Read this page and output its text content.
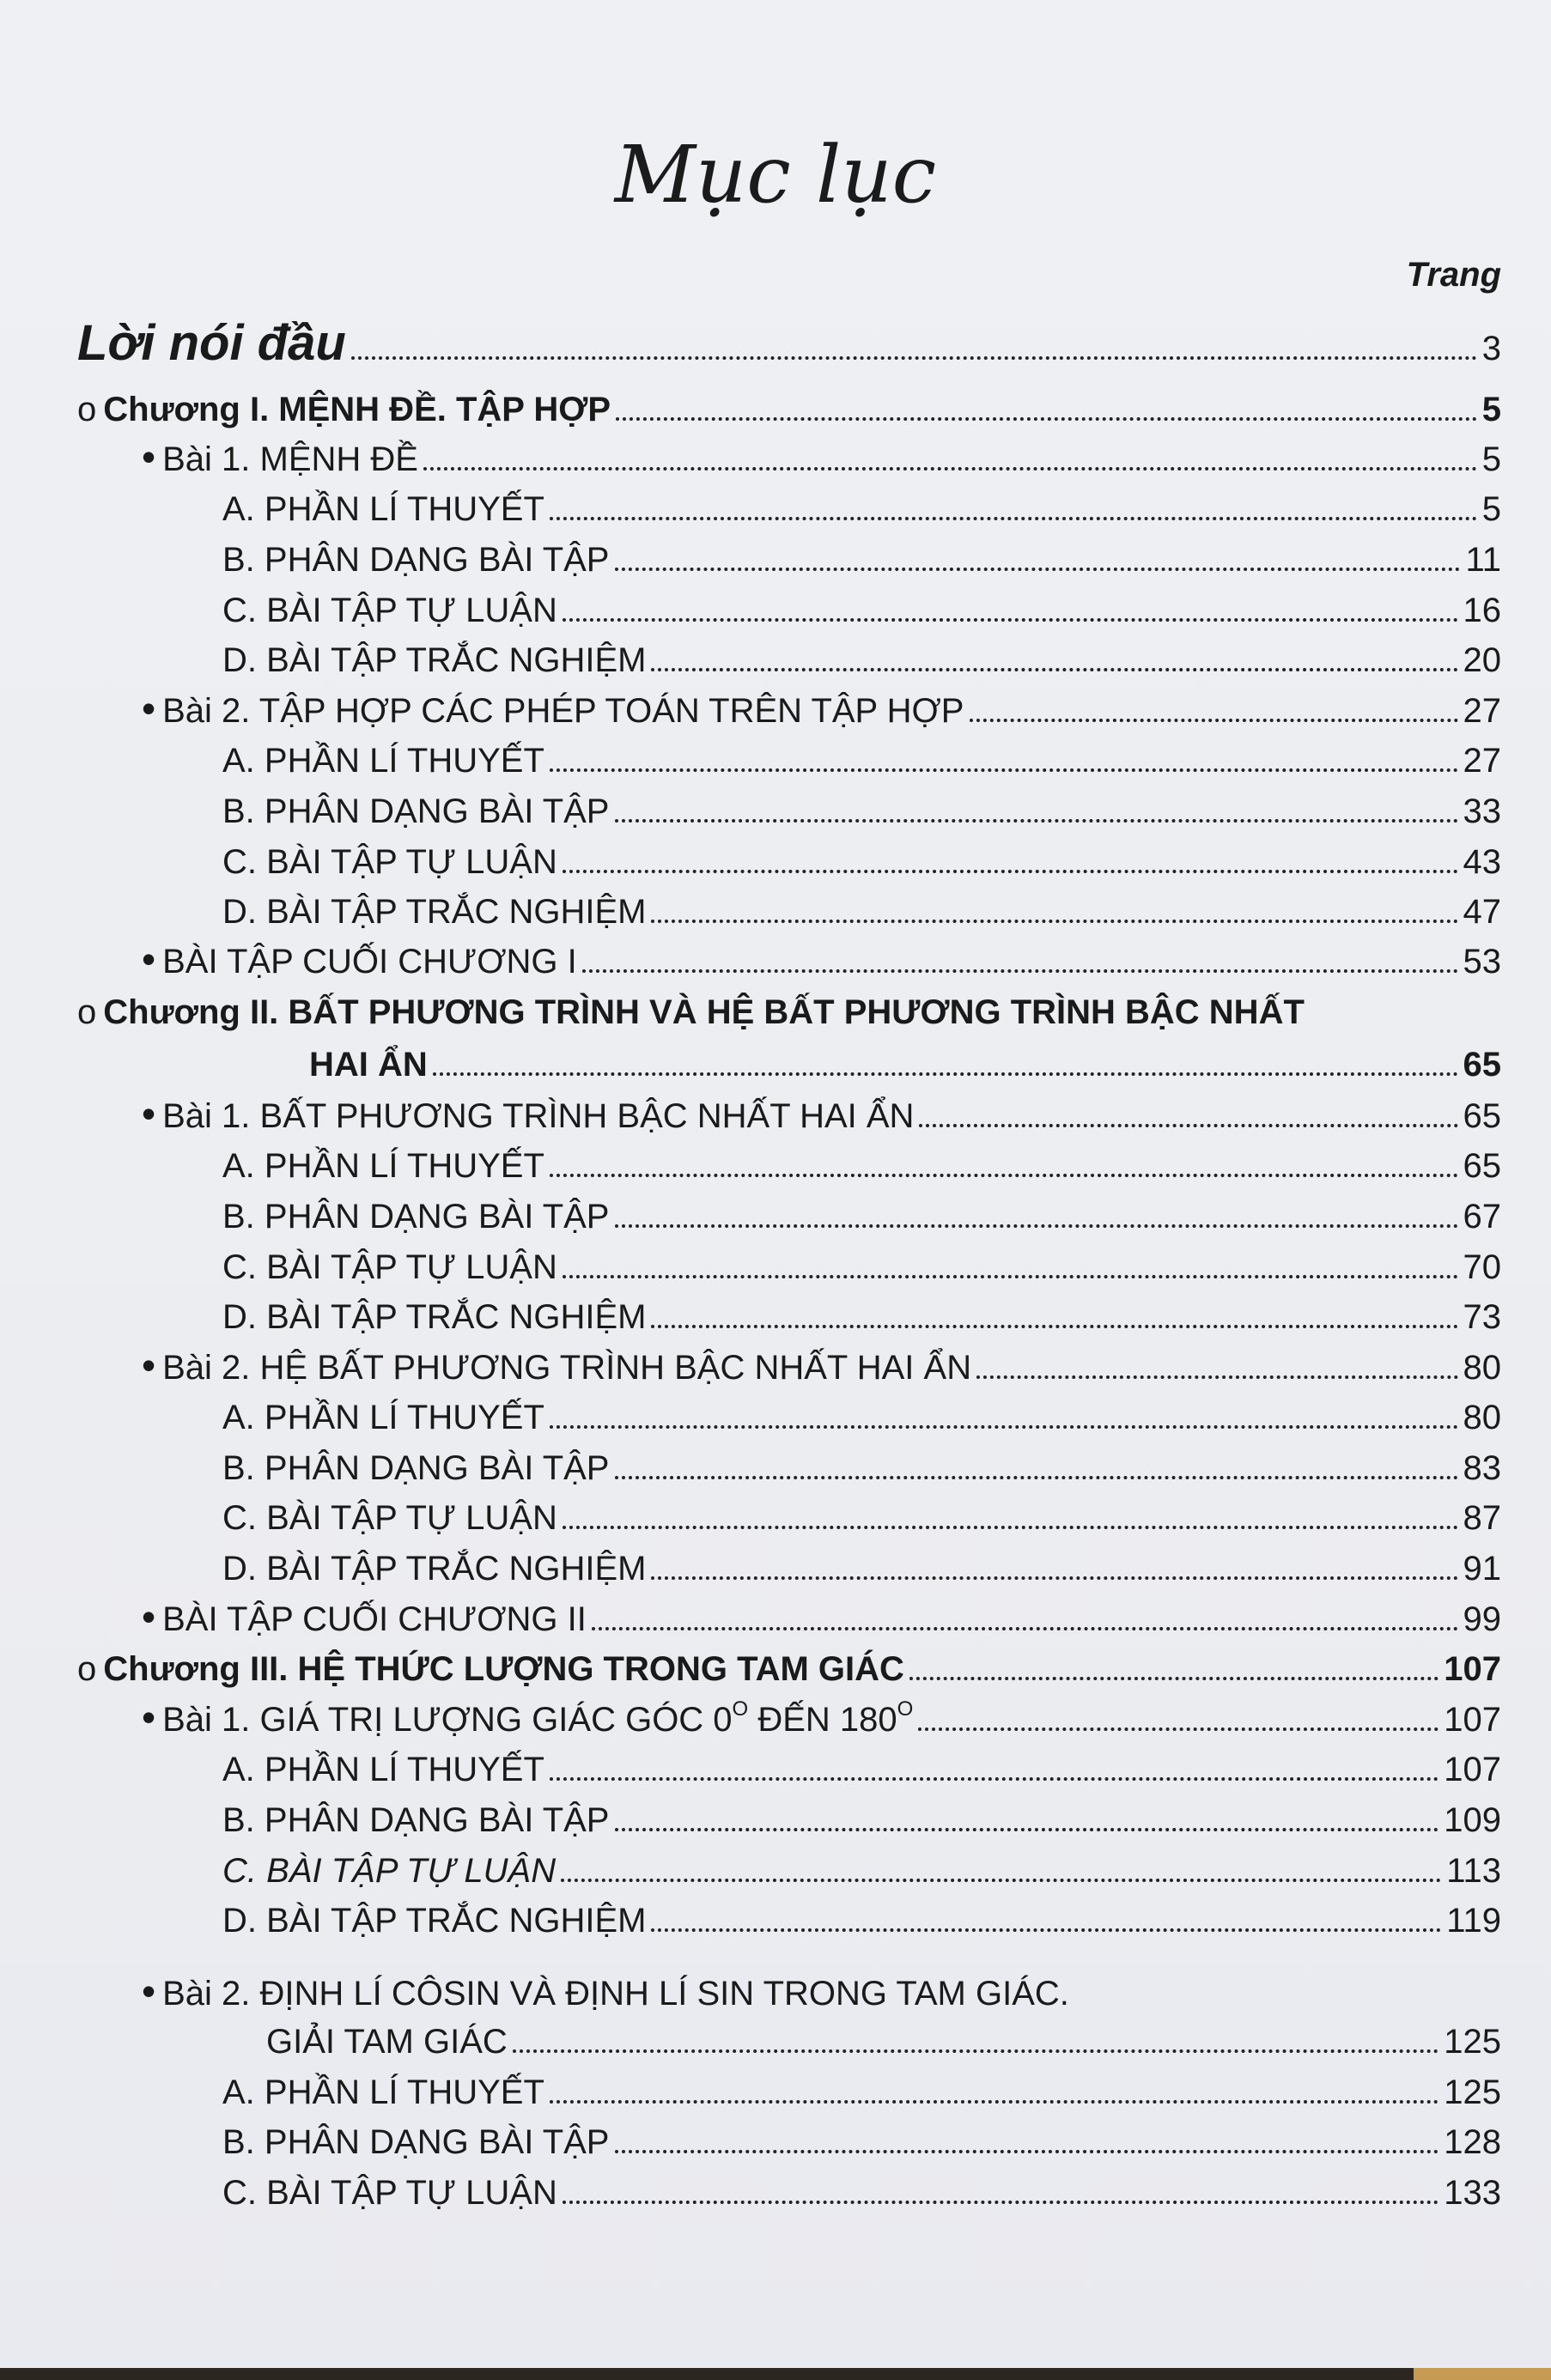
Mục lục
Trang
Lời nói đầu	3
o Chương I. MỆNH ĐỀ. TẬP HỢP	5
• Bài 1. MỆNH ĐỀ	5
A. PHẦN LÍ THUYẾT	5
B. PHÂN DẠNG BÀI TẬP	11
C. BÀI TẬP TỰ LUẬN	16
D. BÀI TẬP TRẮC NGHIỆM	20
• Bài 2. TẬP HỢP CÁC PHÉP TOÁN TRÊN TẬP HỢP	27
A. PHẦN LÍ THUYẾT	27
B. PHÂN DẠNG BÀI TẬP	33
C. BÀI TẬP TỰ LUẬN	43
D. BÀI TẬP TRẮC NGHIỆM	47
• BÀI TẬP CUỐI CHƯƠNG I	53
o Chương II. BẤT PHƯƠNG TRÌNH VÀ HỆ BẤT PHƯƠNG TRÌNH BẬC NHẤT
HAI ẨN	65
• Bài 1. BẤT PHƯƠNG TRÌNH BẬC NHẤT HAI ẨN	65
A. PHẦN LÍ THUYẾT	65
B. PHÂN DẠNG BÀI TẬP	67
C. BÀI TẬP TỰ LUẬN	70
D. BÀI TẬP TRẮC NGHIỆM	73
• Bài 2. HỆ BẤT PHƯƠNG TRÌNH BẬC NHẤT HAI ẨN	80
A. PHẦN LÍ THUYẾT	80
B. PHÂN DẠNG BÀI TẬP	83
C. BÀI TẬP TỰ LUẬN	87
D. BÀI TẬP TRẮC NGHIỆM	91
• BÀI TẬP CUỐI CHƯƠNG II	99
o Chương III. HỆ THỨC LƯỢNG TRONG TAM GIÁC	107
• Bài 1. GIÁ TRỊ LƯỢNG GIÁC GÓC $0^O$ ĐẾN $180^O$	107
A. PHẦN LÍ THUYẾT	107
B. PHÂN DẠNG BÀI TẬP	109
C. BÀI TẬP TỰ LUẬN	113
D. BÀI TẬP TRẮC NGHIỆM	119
• Bài 2. ĐỊNH LÍ CÔSIN VÀ ĐỊNH LÍ SIN TRONG TAM GIÁC.
GIẢI TAM GIÁC	125
A. PHẦN LÍ THUYẾT	125
B. PHÂN DẠNG BÀI TẬP	128
C. BÀI TẬP TỰ LUẬN	133
